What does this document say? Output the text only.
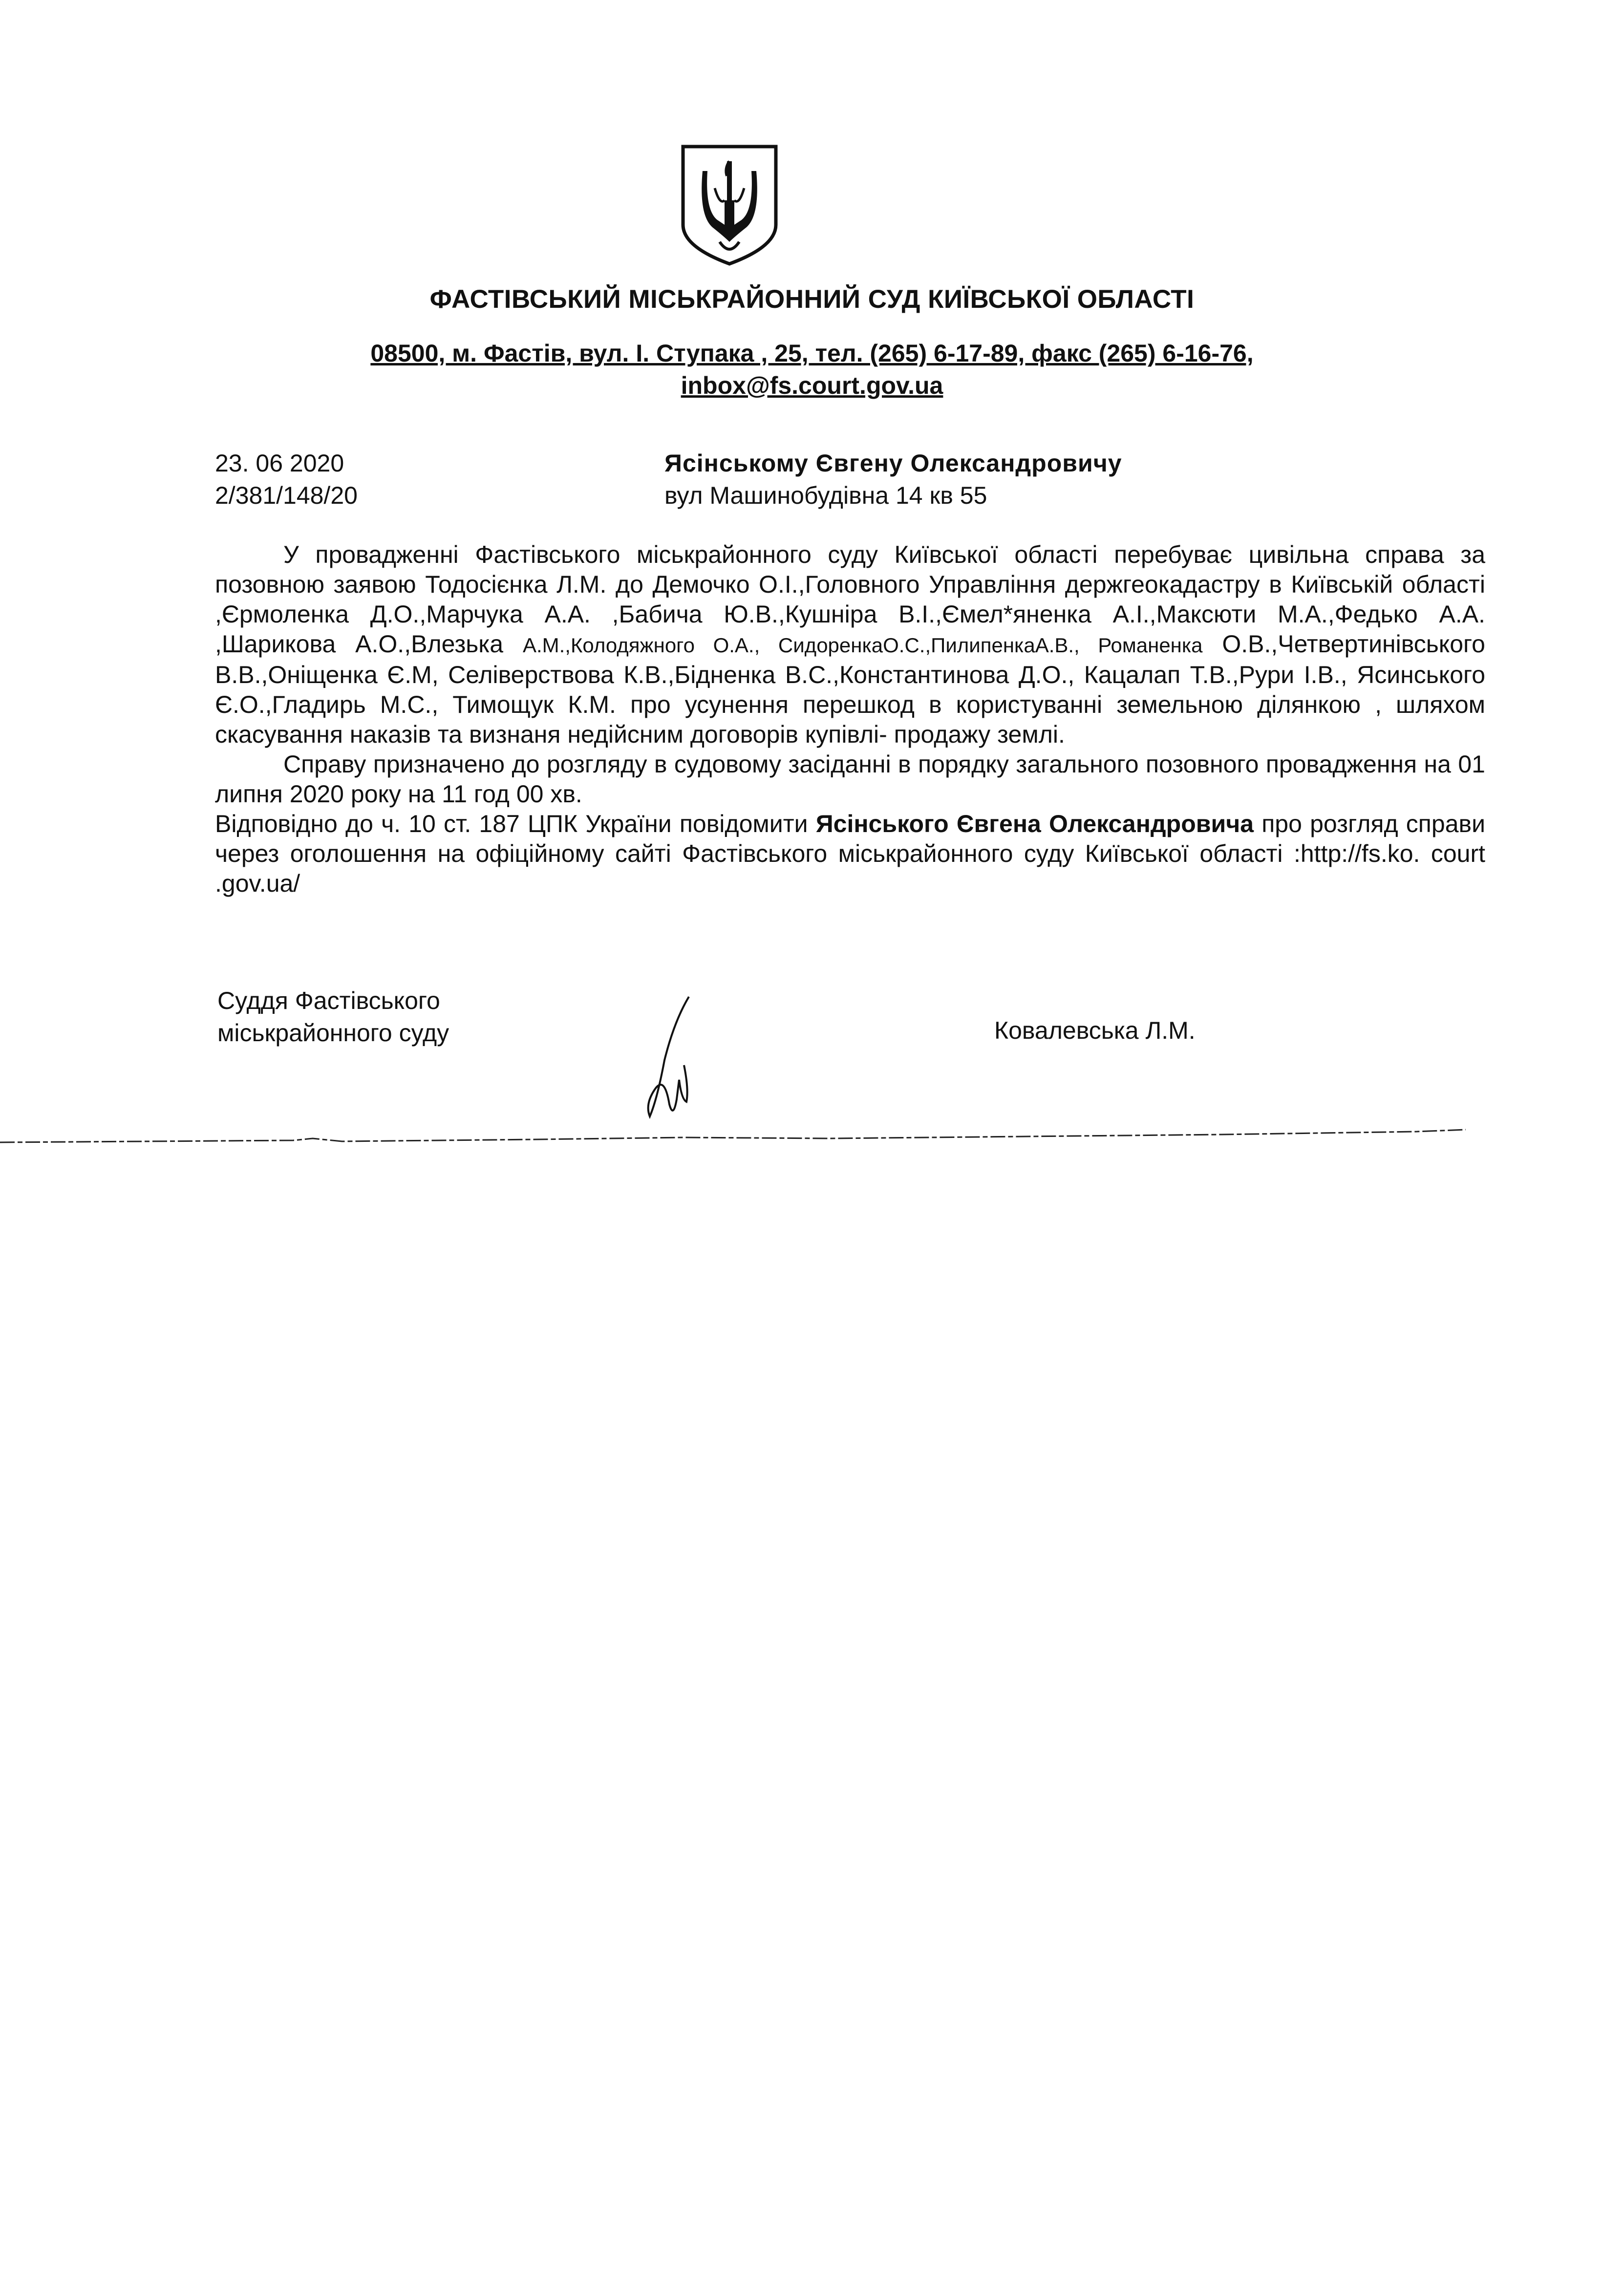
ФАСТІВСЬКИЙ МІСЬКРАЙОННИЙ СУД КИЇВСЬКОЇ ОБЛАСТІ
08500, м. Фастів, вул. І. Ступака , 25, тел. (265) 6-17-89, факс (265) 6-16-76,
inbox@fs.court.gov.ua
23. 06 2020
2/381/148/20
Ясінському Євгену Олександровичу
вул Машинобудівна 14 кв 55

У провадженні Фастівського міськрайонного суду Київської області перебуває цивільна справа за позовною заявою Тодосієнка Л.М. до Демочко О.І.,Головного Управління держгеокадастру в Київській області ,Єрмоленка Д.О.,Марчука А.А. ,Бабича Ю.В.,Кушніра В.І.,Ємел*яненка А.І.,Максюти М.А.,Федько А.А. ,Шарикова А.О.,Влезька А.М.,Колодяжного О.А., СидоренкаО.С.,ПилипенкаА.В., Романенка О.В.,Четвертинівського В.В.,Оніщенка Є.М, Селіверствова К.В.,Бідненка В.С.,Константинова Д.О., Кацалап Т.В.,Рури І.В., Ясинського Є.О.,Гладирь М.С., Тимощук К.М. про усунення перешкод в користуванні земельною ділянкою , шляхом скасування наказів та визнаня недійсним договорів купівлі- продажу землі.

Справу призначено до розгляду в судовому засіданні в порядку загального позовного провадження на 01 липня 2020 року на 11 год 00 хв.

Відповідно до ч. 10 ст. 187 ЦПК України повідомити Ясінського Євгена Олександровича про розгляд справи через оголошення на офіційному сайті Фастівського міськрайонного суду Київської області :http://fs.ko. court .gov.ua/

Суддя Фастівського
міськрайонного суду	Ковалевська Л.М.
